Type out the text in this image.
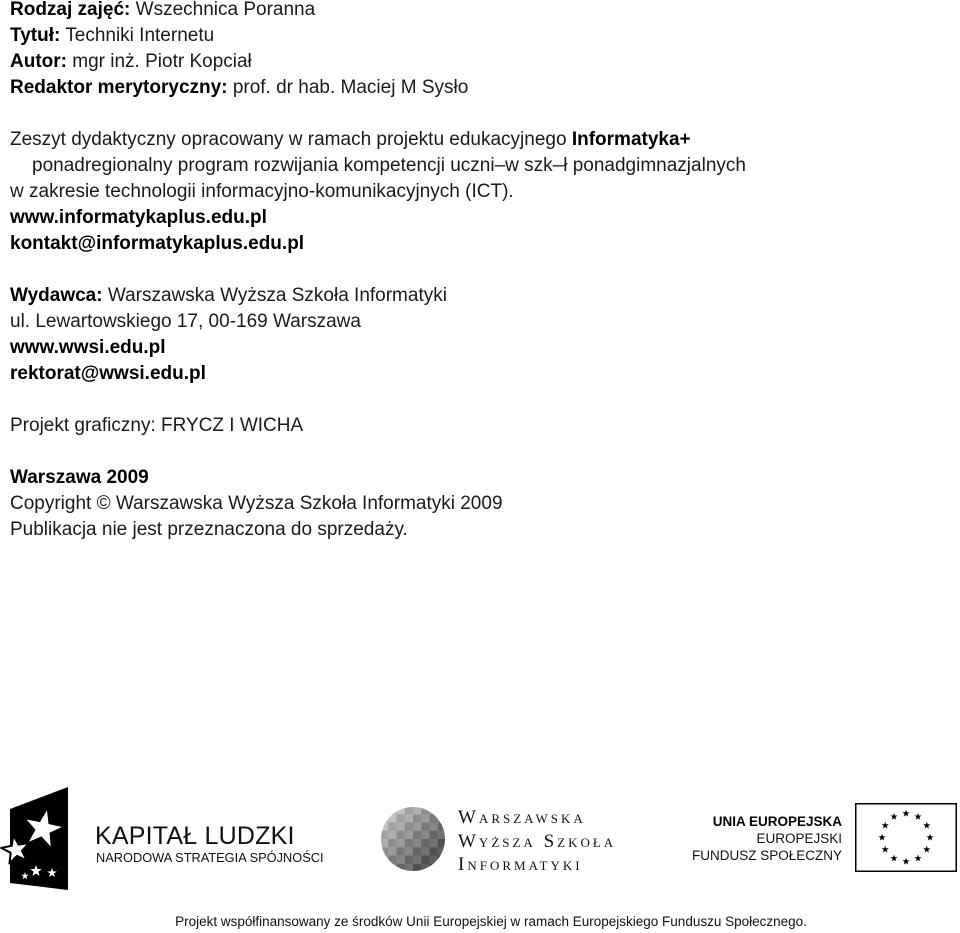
Rodzaj zajęć: Wszechnica Poranna
Tytuł: Techniki Internetu
Autor: mgr inż. Piotr Kopciał
Redaktor merytoryczny: prof. dr hab. Maciej M Sysło
Zeszyt dydaktyczny opracowany w ramach projektu edukacyjnego Informatyka+
ponadregionalny program rozwijania kompetencji uczni–w szk–ł ponadgimnazjalnych
w zakresie technologii informacyjno-komunikacyjnych (ICT).
www.informatykaplus.edu.pl
kontakt@informatykaplus.edu.pl
Wydawca: Warszawska Wyższa Szkoła Informatyki
ul. Lewartowskiego 17, 00-169 Warszawa
www.wwsi.edu.pl
rektorat@wwsi.edu.pl
Projekt graficzny: FRYCZ I WICHA
Warszawa 2009
Copyright © Warszawska Wyższa Szkoła Informatyki 2009
Publikacja nie jest przeznaczona do sprzedaży.
KAPITAŁ LUDZKI
NARODOWA STRATEGIA SPÓJNOŚCI
Warszawska
Wyższa Szkoła
Informatyki
UNIA EUROPEJSKA
EUROPEJSKI
FUNDUSZ SPOŁECZNY
Projekt współfinansowany ze środków Unii Europejskiej w ramach Europejskiego Funduszu Społecznego.
